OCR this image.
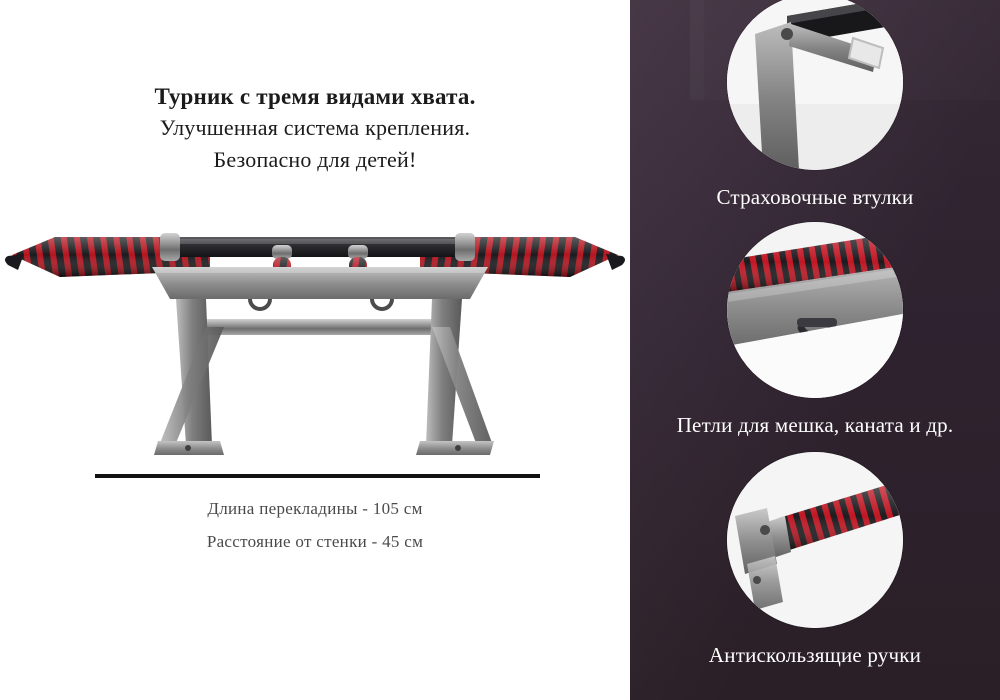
Турник с тремя видами хвата.
Улучшенная система крепления.
Безопасно для детей!
Длина перекладины - 105 см
Расстояние от стенки - 45 см
Страховочные втулки
Петли для мешка, каната и др.
Антискользящие ручки
